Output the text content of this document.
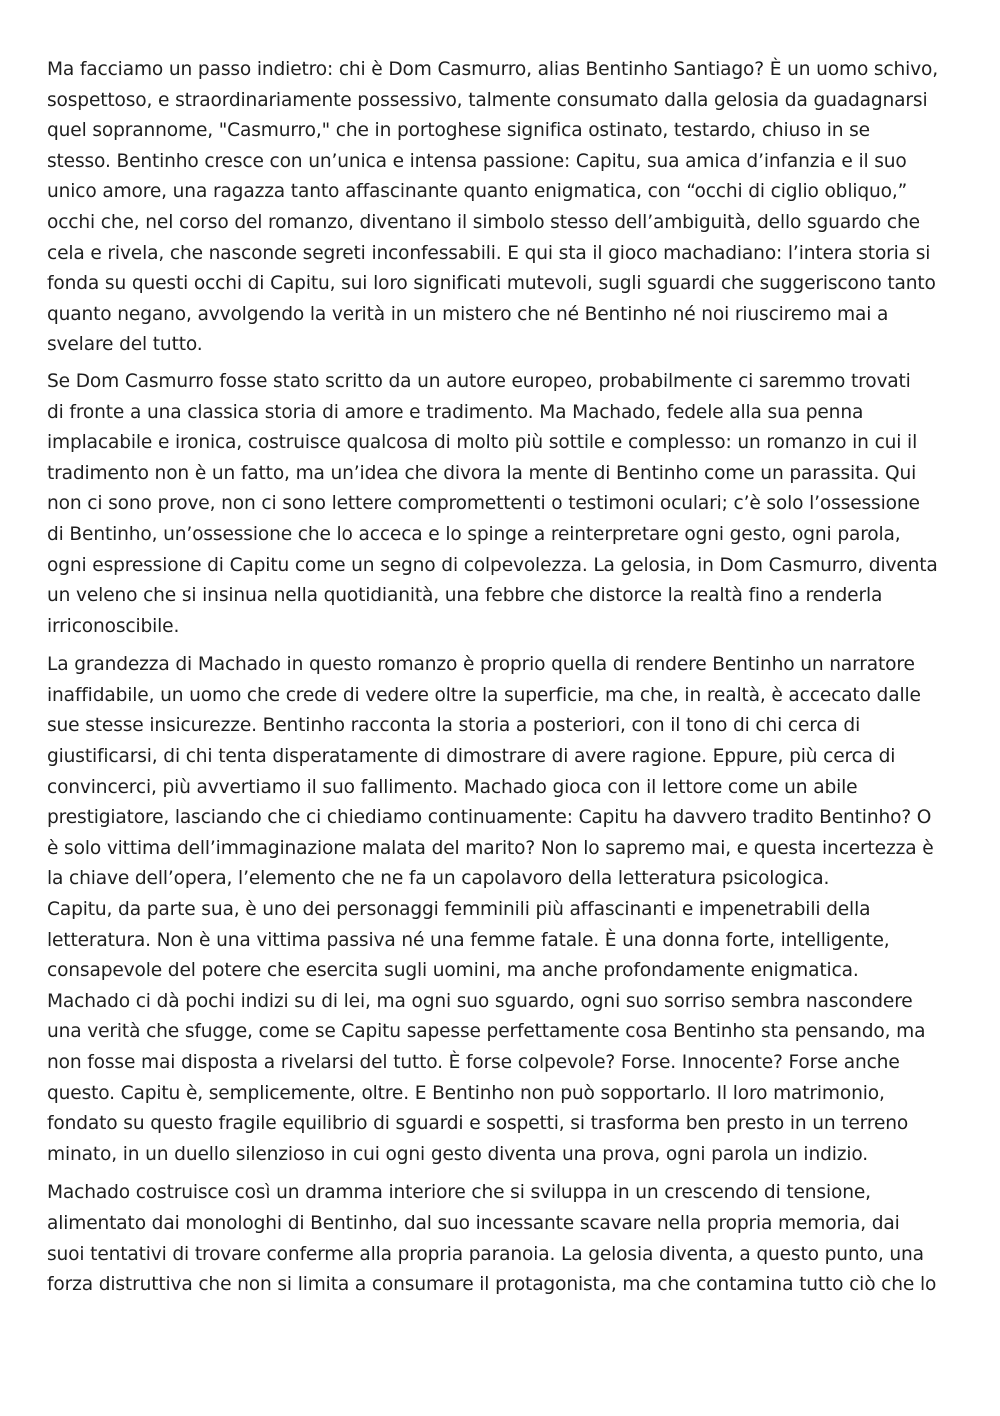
Ma facciamo un passo indietro: chi è Dom Casmurro, alias Bentinho Santiago? È un uomo schivo,
sospettoso, e straordinariamente possessivo, talmente consumato dalla gelosia da guadagnarsi
quel soprannome, "Casmurro," che in portoghese significa ostinato, testardo, chiuso in se
stesso. Bentinho cresce con un’unica e intensa passione: Capitu, sua amica d’infanzia e il suo
unico amore, una ragazza tanto affascinante quanto enigmatica, con “occhi di ciglio obliquo,”
occhi che, nel corso del romanzo, diventano il simbolo stesso dell’ambiguità, dello sguardo che
cela e rivela, che nasconde segreti inconfessabili. E qui sta il gioco machadiano: l’intera storia si
fonda su questi occhi di Capitu, sui loro significati mutevoli, sugli sguardi che suggeriscono tanto
quanto negano, avvolgendo la verità in un mistero che né Bentinho né noi riusciremo mai a
svelare del tutto.
Se Dom Casmurro fosse stato scritto da un autore europeo, probabilmente ci saremmo trovati
di fronte a una classica storia di amore e tradimento. Ma Machado, fedele alla sua penna
implacabile e ironica, costruisce qualcosa di molto più sottile e complesso: un romanzo in cui il
tradimento non è un fatto, ma un’idea che divora la mente di Bentinho come un parassita. Qui
non ci sono prove, non ci sono lettere compromettenti o testimoni oculari; c’è solo l’ossessione
di Bentinho, un’ossessione che lo acceca e lo spinge a reinterpretare ogni gesto, ogni parola,
ogni espressione di Capitu come un segno di colpevolezza. La gelosia, in Dom Casmurro, diventa
un veleno che si insinua nella quotidianità, una febbre che distorce la realtà fino a renderla
irriconoscibile.
La grandezza di Machado in questo romanzo è proprio quella di rendere Bentinho un narratore
inaffidabile, un uomo che crede di vedere oltre la superficie, ma che, in realtà, è accecato dalle
sue stesse insicurezze. Bentinho racconta la storia a posteriori, con il tono di chi cerca di
giustificarsi, di chi tenta disperatamente di dimostrare di avere ragione. Eppure, più cerca di
convincerci, più avvertiamo il suo fallimento. Machado gioca con il lettore come un abile
prestigiatore, lasciando che ci chiediamo continuamente: Capitu ha davvero tradito Bentinho? O
è solo vittima dell’immaginazione malata del marito? Non lo sapremo mai, e questa incertezza è
la chiave dell’opera, l’elemento che ne fa un capolavoro della letteratura psicologica.
Capitu, da parte sua, è uno dei personaggi femminili più affascinanti e impenetrabili della
letteratura. Non è una vittima passiva né una femme fatale. È una donna forte, intelligente,
consapevole del potere che esercita sugli uomini, ma anche profondamente enigmatica.
Machado ci dà pochi indizi su di lei, ma ogni suo sguardo, ogni suo sorriso sembra nascondere
una verità che sfugge, come se Capitu sapesse perfettamente cosa Bentinho sta pensando, ma
non fosse mai disposta a rivelarsi del tutto. È forse colpevole? Forse. Innocente? Forse anche
questo. Capitu è, semplicemente, oltre. E Bentinho non può sopportarlo. Il loro matrimonio,
fondato su questo fragile equilibrio di sguardi e sospetti, si trasforma ben presto in un terreno
minato, in un duello silenzioso in cui ogni gesto diventa una prova, ogni parola un indizio.
Machado costruisce così un dramma interiore che si sviluppa in un crescendo di tensione,
alimentato dai monologhi di Bentinho, dal suo incessante scavare nella propria memoria, dai
suoi tentativi di trovare conferme alla propria paranoia. La gelosia diventa, a questo punto, una
forza distruttiva che non si limita a consumare il protagonista, ma che contamina tutto ciò che lo
